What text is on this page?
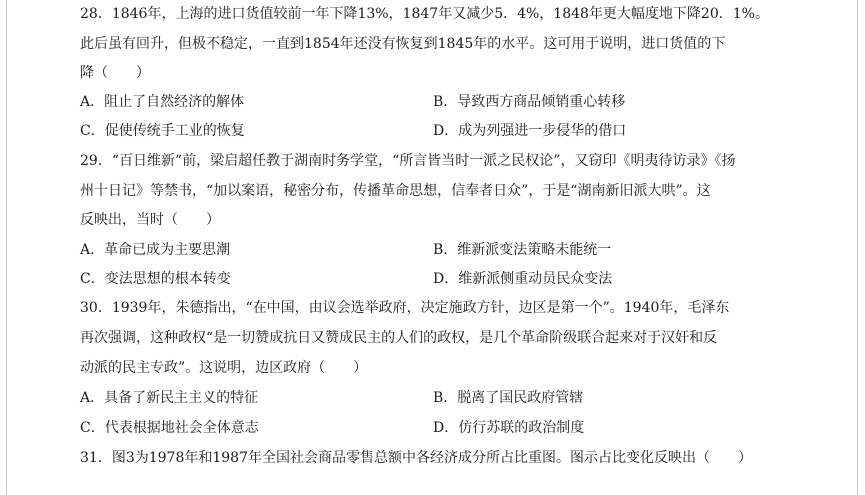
28．1846年，上海的进口货值较前一年下降13%，1847年又减少5．4%，1848年更大幅度地下降20．1%。
此后虽有回升，但极不稳定，一直到1854年还没有恢复到1845年的水平。这可用于说明，进口货值的下
降（　　）
A．阻止了自然经济的解体	B．导致西方商品倾销重心转移
C．促使传统手工业的恢复	D．成为列强进一步侵华的借口
29．“百日维新”前，梁启超任教于湖南时务学堂，“所言皆当时一派之民权论”，又窃印《明夷待访录》《扬
州十日记》等禁书，“加以案语，秘密分布，传播革命思想，信奉者日众”，于是“湖南新旧派大哄”。这
反映出，当时（　　）
A．革命已成为主要思潮	B．维新派变法策略未能统一
C．变法思想的根本转变	D．维新派侧重动员民众变法
30．1939年，朱德指出，“在中国，由议会选举政府，决定施政方针，边区是第一个”。1940年，毛泽东
再次强调，这种政权“是一切赞成抗日又赞成民主的人们的政权，是几个革命阶级联合起来对于汉奸和反
动派的民主专政”。这说明，边区政府（　　）
A．具备了新民主主义的特征	B．脱离了国民政府管辖
C．代表根据地社会全体意志	D．仿行苏联的政治制度
31．图3为1978年和1987年全国社会商品零售总额中各经济成分所占比重图。图示占比变化反映出（　　）
